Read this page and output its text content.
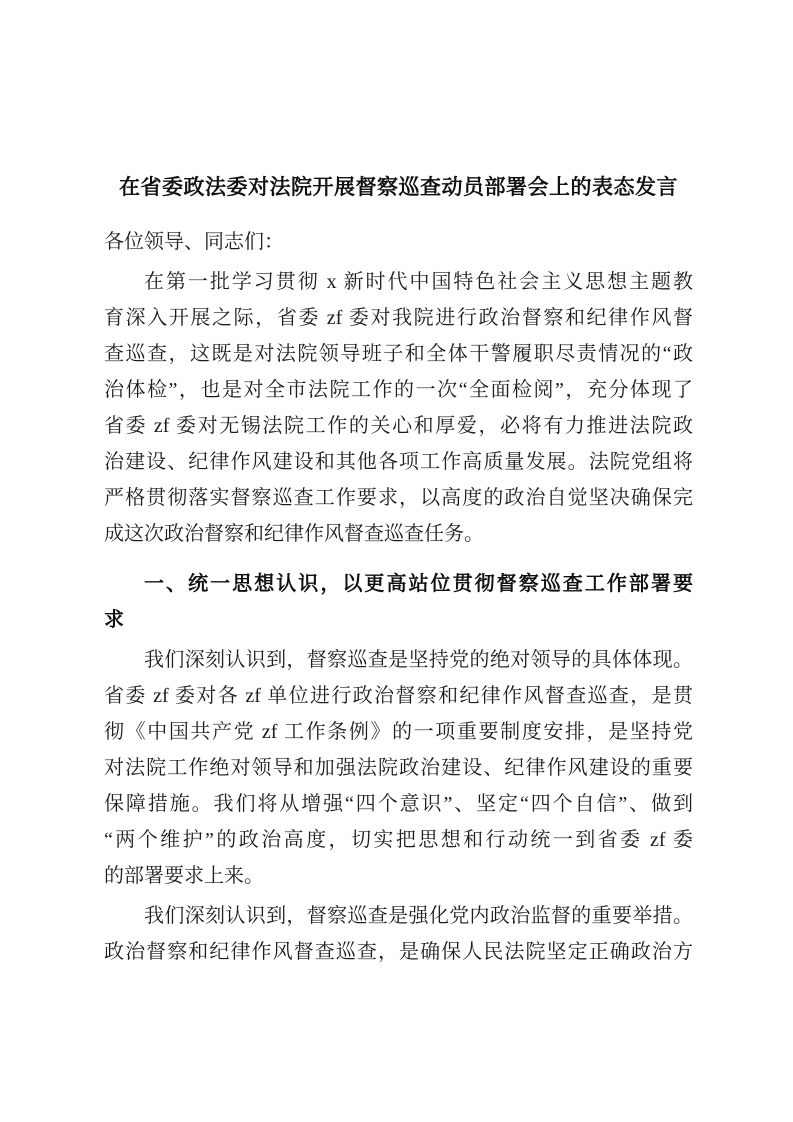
在省委政法委对法院开展督察巡查动员部署会上的表态发言
各位领导、同志们：
在第一批学习贯彻 x 新时代中国特色社会主义思想主题教
育深入开展之际，省委 zf 委对我院进行政治督察和纪律作风督
查巡查，这既是对法院领导班子和全体干警履职尽责情况的“政
治体检”，也是对全市法院工作的一次“全面检阅”，充分体现了
省委 zf 委对无锡法院工作的关心和厚爱，必将有力推进法院政
治建设、纪律作风建设和其他各项工作高质量发展。法院党组将
严格贯彻落实督察巡查工作要求，以高度的政治自觉坚决确保完
成这次政治督察和纪律作风督查巡查任务。
一、统一思想认识，以更高站位贯彻督察巡查工作部署要
求
我们深刻认识到，督察巡查是坚持党的绝对领导的具体体现。
省委 zf 委对各 zf 单位进行政治督察和纪律作风督查巡查，是贯
彻《中国共产党 zf 工作条例》的一项重要制度安排，是坚持党
对法院工作绝对领导和加强法院政治建设、纪律作风建设的重要
保障措施。我们将从增强“四个意识”、坚定“四个自信”、做到
“两个维护”的政治高度，切实把思想和行动统一到省委 zf 委
的部署要求上来。
我们深刻认识到，督察巡查是强化党内政治监督的重要举措。
政治督察和纪律作风督查巡查，是确保人民法院坚定正确政治方
